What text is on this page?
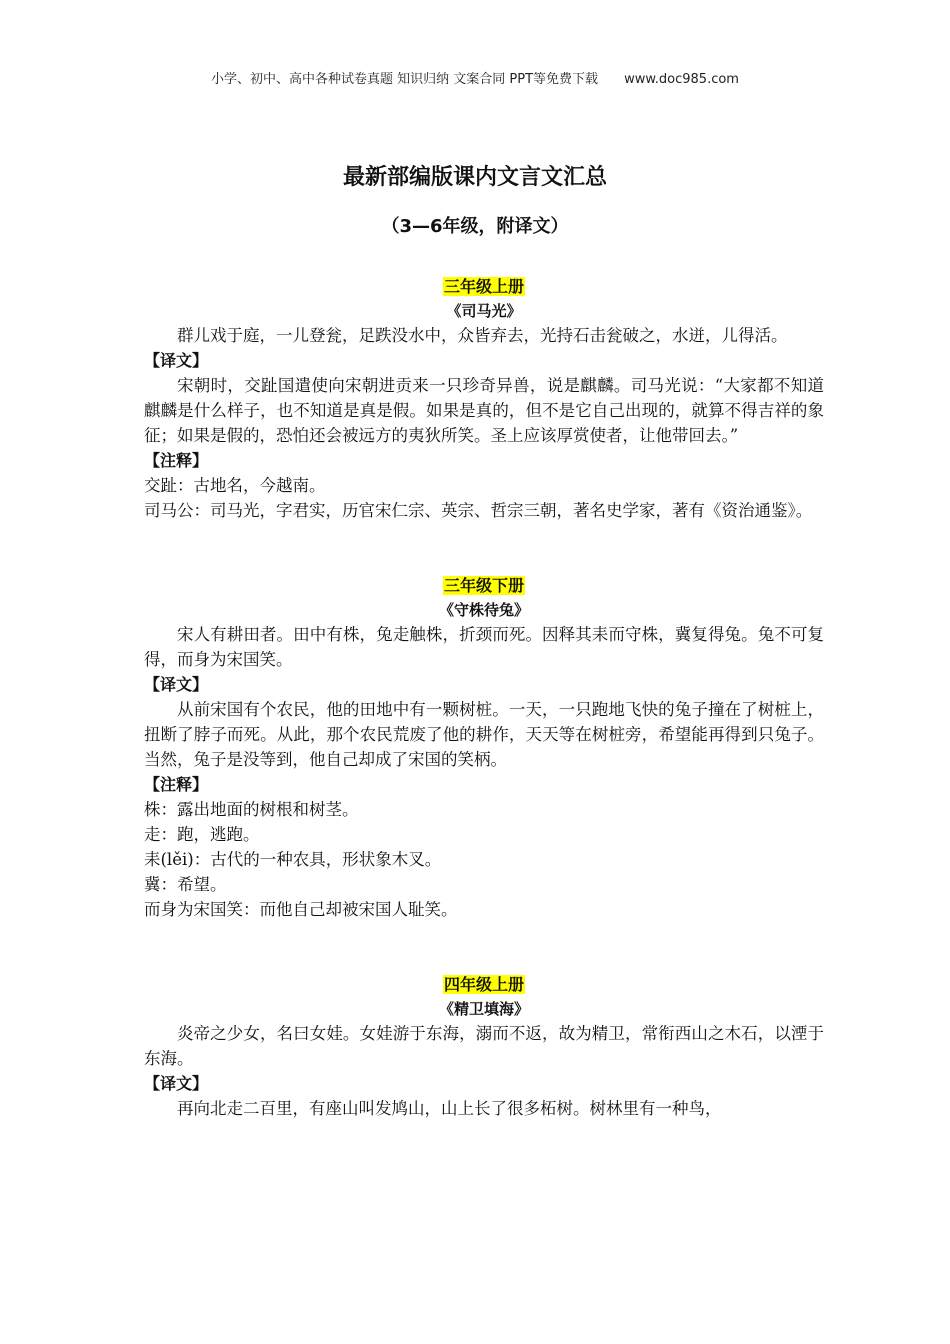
小学、初中、高中各种试卷真题 知识归纳 文案合同 PPT等免费下载 www.doc985.com
最新部编版课内文言文汇总
（3—6年级，附译文）
三年级上册
《司马光》

群儿戏于庭，一儿登瓮，足跌没水中，众皆弃去，光持石击瓮破之，水迸，儿得活。

【译文】

宋朝时，交趾国遣使向宋朝进贡来一只珍奇异兽，说是麒麟。司马光说：“大家都不知道麒麟是什么样子，也不知道是真是假。如果是真的，但不是它自己出现的，就算不得吉祥的象征；如果是假的，恐怕还会被远方的夷狄所笑。圣上应该厚赏使者，让他带回去。”

【注释】

交趾：古地名，今越南。

司马公：司马光，字君实，历官宋仁宗、英宗、哲宗三朝，著名史学家，著有《资治通鉴》。

三年级下册
《守株待兔》

宋人有耕田者。田中有株，兔走触株，折颈而死。因释其耒而守株，冀复得兔。兔不可复得，而身为宋国笑。

【译文】

从前宋国有个农民，他的田地中有一颗树桩。一天，一只跑地飞快的兔子撞在了树桩上，扭断了脖子而死。从此，那个农民荒废了他的耕作，天天等在树桩旁，希望能再得到只兔子。当然，兔子是没等到，他自己却成了宋国的笑柄。

【注释】

株：露出地面的树根和树茎。

走：跑，逃跑。

耒(lěi)：古代的一种农具，形状象木叉。

冀：希望。

而身为宋国笑：而他自己却被宋国人耻笑。

四年级上册
《精卫填海》

炎帝之少女，名曰女娃。女娃游于东海，溺而不返，故为精卫，常衔西山之木石，以湮于东海。

【译文】

再向北走二百里，有座山叫发鸠山，山上长了很多柘树。树林里有一种鸟，
